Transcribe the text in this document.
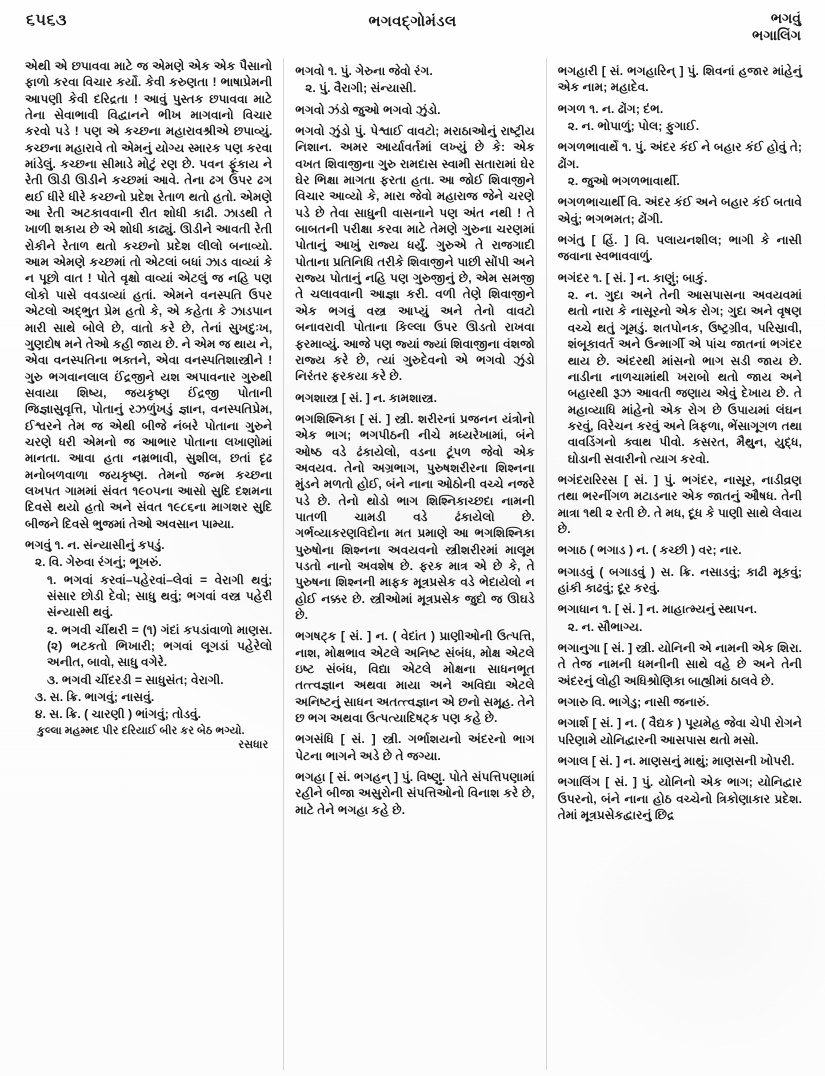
૬૫૬૩	ભગવદ્‌ગોમંડલ	ભગવું
ભગાલિંગ

એથી એ છપાવવા માટે જ એમણે એક એક પૈસાનો ફાળો કરવા વિચાર કર્યો. કેવી કરુણતા ! ભાષાપ્રેમની આપણી કેવી દરિદ્રતા ! આવું પુસ્તક છપાવવા માટે તેના સેવાભાવી વિદ્વાનને ભીખ માગવાનો વિચાર કરવો પડે ! પણ એ કચ્છના મહારાવશ્રીએ છપાવ્યું. કચ્છના મહારાવે તો એમનું યોગ્ય સ્મારક પણ કરવા માંડેલું. કચ્છના સીમાડે મોટું રણ છે. પવન ફૂંકાય ને રેતી ઊડી ઊડીને કચ્છમાં આવે. તેના ઢગ ઉપર ઢગ થઈ ધીરે ધીરે કચ્છનો પ્રદેશ રેતાળ થતો હતો. એમણે આ રેતી અટકાવવાની રીત શોધી કાઢી. ઝાડથી તે ખાળી શકાય છે એ શોધી કાઢ્યું. ઊડીને આવતી રેતી રોકીને રેતાળ થતો કચ્છનો પ્રદેશ લીલો બનાવ્યો. આમ એમણે કચ્છમાં તો એટલાં બધાં ઝાડ વાવ્યાં કે ન પૂછો વાત ! પોતે વૃક્ષો વાવ્યાં એટલું જ નહિ પણ લોકો પાસે વવડાવ્યાં હતાં. એમને વનસ્પતિ ઉપર એટલો અદ્‌ભુત પ્રેમ હતો કે, એ કહેતા કે ઝાડપાન મારી સાથે બોલે છે, વાતો કરે છે, તેનાં સુખદુઃખ, ગુણદોષ મને તેઓ કહી જાય છે. ને એમ જ થાય ને, એવા વનસ્પતિના ભક્તને, એવા વનસ્પતિશાસ્ત્રીને ! ગુરુ ભગવાનલાલ ઈંદ્રજીને યશ અપાવનાર ગુરુથી સવાયા શિષ્ય, જયકૃષ્ણ ઈંદ્રજી પોતાની જિજ્ઞાસુવૃત્તિ, પોતાનું રઝળુંખડું જ્ઞાન, વનસ્પતિપ્રેમ, ઈશ્વરને તેમ જ એથી બીજે નંબરે પોતાના ગુરુને ચરણે ધરી એમનો જ આભાર પોતાના લખાણોમાં માનતા. આવા હતા નમ્રભાવી, સુશીલ, છતાં દૃઢ મનોબળવાળા જયકૃષ્ણ. તેમનો જન્મ કચ્છના લખપત ગામમાં સંવત ૧૯૦૫ના આસો સુદિ દશમના દિવસે થયો હતો અને સંવત ૧૯૮૬ના માગશર સુદિ બીજને દિવસે ભુજમાં તેઓ અવસાન પામ્યા.

ભગવું ૧. ન. સંન્યાસીનું કપડું.

૨. વિ. ગેરુવા રંગનું; ભૂખરું.

૧. ભગવાં કરવાં–પહેરવાં–લેવાં = વેરાગી થવું; સંસાર છોડી દેવો; સાધુ થવું; ભગવાં વસ્ત્ર પહેરી સંન્યાસી થવું.

૨. ભગવી ચીંથરી = (૧) ગંદાં કપડાંવાળો માણસ. (૨) ભટકતો ભિખારી; ભગવાં લૂગડાં પહેરેલો અનીત, બાવો, સાધુ વગેરે.

૩. ભગવી ચીંદરડી = સાધુસંત; વેરાગી.

૩. સ. ક્રિ. ભાગવું; નાસવું.

૪. સ. ક્રિ. ( ચારણી ) ભાંગવું; તોડવું.

કુલ્લા મહમ્મદ પીર દરિયાઈ બીર કર બેઠ ભગ્યો.

રસધાર

ભગવો ૧. પું. ગેરુના જેવો રંગ.

૨. પું. વૈરાગી; સંન્યાસી.

ભગવો ઝંડો જુઓ ભગવો ઝુંડો.

ભગવો ઝુંડો પું. પેશ્વાઈ વાવટો; મરાઠાઓનું રાષ્ટ્રીય નિશાન. અમર આર્યાવર્તમાં લખ્યું છે કે: એક વખત શિવાજીના ગુરુ રામદાસ સ્વામી સતારામાં ઘેર ઘેર ભિક્ષા માગતા ફરતા હતા. આ જોઈ શિવાજીને વિચાર આવ્યો કે, મારા જેવો મહારાજ જેને ચરણે પડે છે તેવા સાધુની વાસનાને પણ અંત નથી ! તે બાબતની પરીક્ષા કરવા માટે તેમણે ગુરુના ચરણમાં પોતાનું આખું રાજ્ય ધર્યું. ગુરુએ તે રાજગાદી પોતાના પ્રતિનિધિ તરીકે શિવાજીને પાછી સોંપી અને રાજ્ય પોતાનું નહિ પણ ગુરુજીનું છે, એમ સમજી તે ચલાવવાની આજ્ઞા કરી. વળી તેણે શિવાજીને એક ભગવું વસ્ત્ર આપ્યું અને તેનો વાવટો બનાવરાવી પોતાના કિલ્લા ઉપર ઊડતો રાખવા ફરમાવ્યું. આજે પણ જ્યાં જ્યાં શિવાજીના વંશજો રાજ્ય કરે છે, ત્યાં ગુરુદેવનો એ ભગવો ઝુંડો નિરંતર ફરકયા કરે છે.

ભગશાસ્ત્ર [ સં. ] ન. કામશાસ્ત્ર.

ભગશિશ્નિકા [ સં. ] સ્ત્રી. શરીરનાં પ્રજનન યંત્રોનો એક ભાગ; ભગપીઠની નીચે મધ્યરેખામાં, બંને ઓષ્ઠ વડે ઢંકાયેલો, વડના ટૂંપળ જેવો એક અવયવ. તેનો અગ્રભાગ, પુરુષશરીરના શિશ્નના મુંડને મળતો હોઈ, બંને નાના ઓઠોની વચ્ચે નજરે પડે છે. તેનો થોડો ભાગ શિશ્નિકાચ્છદા નામની પાતળી ચામડી વડે ઢંકાયેલો છે. ગર્ભવ્યાકરણવિદોના મત પ્રમાણે આ ભગશિશ્નિકા પુરુષોના શિશ્નના અવયવનો સ્ત્રીશરીરમાં માલૂમ પડતો નાનો અવશેષ છે. ફરક માત્ર એ છે કે, તે પુરુષના શિશ્નની માફક મૂત્રપ્રસેક વડે ભેદાયેલો ન હોઈ નક્કર છે. સ્ત્રીઓમાં મૂત્રપ્રસેક જુદો જ ઊઘડે છે.

ભગષટ્‌ક [ સં. ] ન. ( વેદાંત ) પ્રાણીઓની ઉત્પત્તિ, નાશ, મોક્ષભાવ એટલે અનિષ્ટ સંબંધ, મોક્ષ એટલે ઇષ્ટ સંબંધ, વિદ્યા એટલે મોક્ષના સાધનભૂત તત્ત્વજ્ઞાન અથવા માયા અને અવિદ્યા એટલે અનિષ્ટનું સાધન અતત્ત્વજ્ઞાન એ છનો સમૂહ. તેને છ ભગ અથવા ઉત્પત્યાદિષટ્‌ક પણ કહે છે.

ભગસંધિ [ સં. ] સ્ત્રી. ગર્ભાશયનો અંદરનો ભાગ પેટના ભાગને અડે છે તે જગ્યા.

ભગહા [ સં. ભગહન્ ] પું. વિષ્ણુ. પોતે સંપત્તિપણામાં રહીને બીજા અસુરોની સંપત્તિઓનો વિનાશ કરે છે, માટે તેને ભગહા કહે છે.

ભગહારી [ સં. ભગહારિન્ ] પું. શિવનાં હજાર માંહેનું એક નામ; મહાદેવ.

ભગળ ૧. ન. ઢોંગ; દંભ.

૨. ન. ભોપાળું; પોલ; ફુગાઈ.

ભગળભાવાર્થે ૧. પું. અંદર કંઈ ને બહાર કંઈ હોવું તે; ઢોંગ.

૨. જુઓ ભગળભાવાર્થી.

ભગળભાચાર્થી વિ. અંદર કંઈ અને બહાર કંઈ બતાવે એવું; ભગભમત; ઢોંગી.

ભગંતુ [ હિં. ] વિ. પલાયનશીલ; ભાગી કે નાસી જવાના સ્વભાવવાળું.

ભગંદર ૧. [ સં. ] ન. કાણું; બાકું.

૨. ન. ગુદા અને તેની આસપાસના અવયવમાં થતો નારા કે નાસૂરનો એક રોગ; ગુદા અને વૃષણ વચ્ચે થતું ગૂમડું. શતપોનક, ઉષ્ટ્રગ્રીવ, પરિસ્રાવી, શંબૂકાવર્ત અને ઉન્માર્ગી એ પાંચ જાતનાં ભગંદર થાય છે. અંદરથી માંસનો ભાગ સડી જાય છે. નાડીના નાળચામાંથી ખરાબો થતો જાય અને બહારથી રૂઝ આવતી જણાય એવું દેખાય છે. તે મહાવ્યાધિ માંહેનો એક રોગ છે ઉપાયમાં લંઘન કરવું, વિરેચન કરવું અને ત્રિફળા, ભેંસાગૂગળ તથા વાવડિંગનો ક્વાથ પીવો. કસરત, મૈથુન, યુદ્ધ, ઘોડાની સવારીનો ત્યાગ કરવો.

ભગંદરારિરસ [ સં. ] પું. ભગંદર, નાસૂર, નાડીવ્રણ તથા ભરનીંગળ મટાડનાર એક જાતનું ઔષધ. તેની માત્રા ૧થી ૨ રતી છે. તે મધ, દૂધ કે પાણી સાથે લેવાય છે.

ભગાઠ ( ભગાડ ) ન. ( કચ્છી ) વર; નાર.

ભગાડવું ( બગાડવું ) સ. ક્રિ. નસાડવું; કાઢી મૂકવું; હાંકી કાઢવું; દૂર કરવું.

ભગાધાન ૧. [ સં. ] ન. માહાત્મ્યનું સ્થાપન.

૨. ન. સૌભાગ્ય.

ભગાનુગા [ સં. ] સ્ત્રી. યોનિની એ નામની એક શિરા. તે તેજ નામની ધમનીની સાથે વહે છે અને તેની અંદરનું લોહી અધિશ્રોણિકા બાહ્યીમાં ઠાલવે છે.

ભગારુ વિ. ભાગેડુ; નાસી જનારું.

ભગાર્શ [ સં. ] ન. ( વૈદ્યક ) પૂયમેહ જેવા ચેપી રોગને પરિણામે યોનિદ્વારની આસપાસ થતો મસો.

ભગાલ [ સં. ] ન. માણસનું માથું; માણસની ખોપરી.

ભગાલિંગ [ સં. ] પું. યોનિનો એક ભાગ; યોનિદ્વાર ઉપરનો, બંને નાના હોઠ વચ્ચેનો ત્રિકોણાકાર પ્રદેશ. તેમાં મૂત્રપ્રસેકદ્વારનું છિદ્ર
